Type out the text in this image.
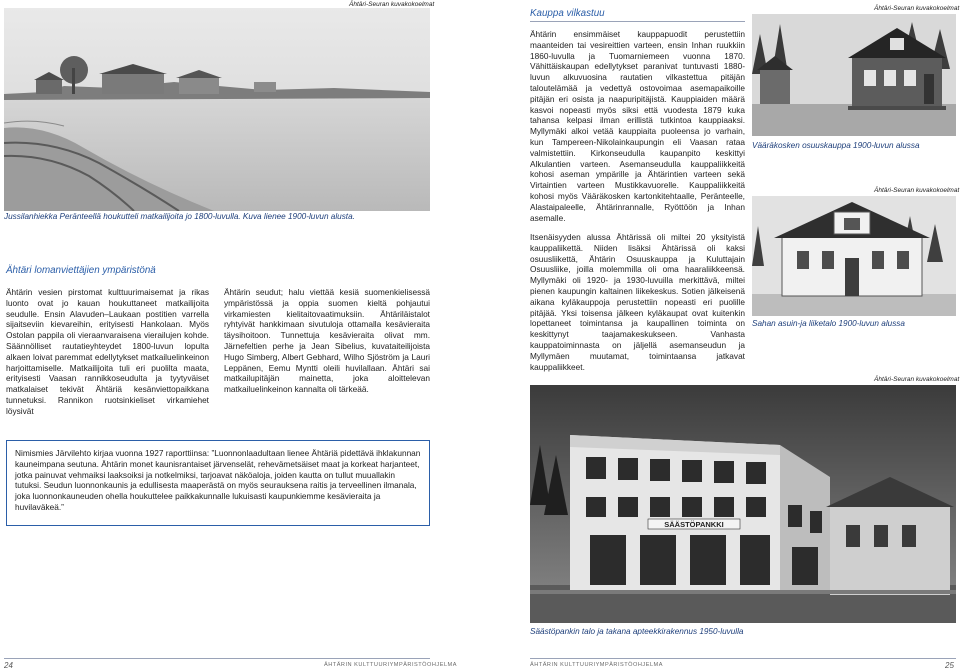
Ähtäri-Seuran kuvakokoelmat
Jussilanhiekka Peränteellä houkutteli matkailijoita jo 1800-luvulla. Kuva lienee 1900-luvun alusta.
Ähtäri lomanviettäjien ympäristönä
Ähtärin vesien pirstomat kulttuurimaisemat ja rikas luonto ovat jo kauan houkuttaneet matkailijoita seudulle. Ensin Alavuden–Laukaan postitien varrella sijaitseviin kievareihin, erityisesti Hankolaan. Myös Ostolan pappila oli vieraanvaraisena vierailujen kohde. Säännölliset rautatieyhteydet 1800-luvun lopulta alkaen loivat paremmat edellytykset matkailuelinkeinon harjoittamiselle. Matkailijoita tuli eri puolilta maata, erityisesti Vaasan rannikkoseudulta ja tyytyväiset matkalaiset tekivät Ähtäriä kesänviettopaikkana tunnetuksi. Rannikon ruotsinkieliset virkamiehet löysivät
Ähtärin seudut; halu viettää kesiä suomenkielisessä ympäristössä ja oppia suomen kieltä pohjautui virkamiesten kielitaitovaatimuksiin. Ähtäriläistalot ryhtyivät hankkimaan sivutuloja ottamalla kesävieraita täysihoitoon. Tunnettuja kesävieraita olivat mm. Järnefeltien perhe ja Jean Sibelius, kuvataiteilijoista Hugo Simberg, Albert Gebhard, Wilho Sjöström ja Lauri Leppänen, Eemu Myntti oleili huvilallaan. Ähtäri sai matkailupitäjän mainetta, joka aloittelevan matkailuelinkeinon kannalta oli tärkeää.

Nimismies Järvilehto kirjaa vuonna 1927 raporttiinsa: ”Luonnonlaadultaan lienee Ähtäriä pidettävä ihklakunnan kauneimpana seutuna. Ähtärin monet kaunisrantaiset järvenselät, rehevämetsäiset maat ja korkeat harjanteet, jotka painuvat vehmaiksi laaksoiksi ja notkelmiksi, tarjoavat näköaloja, joiden kautta on tullut muuallakin tutuksi. Seudun luonnonkaunis ja edullisesta maaperästä on myös seurauksena raitis ja terveellinen ilmanala, joka luonnonkauneuden ohella houkuttelee paikkakunnalle lukuisasti kaupunkiemme kesävieraita ja huvilaväkeä.”

24	ÄHTÄRIN KULTTUURIYMPÄRISTÖOHJELMA
Kauppa vilkastuu
Ähtärin ensimmäiset kauppapuodit perustettiin maanteiden tai vesireittien varteen, ensin Inhan ruukkiin 1860-luvulla ja Tuomarniemeen vuonna 1870. Vähittäiskaupan edellytykset paranivat tuntuvasti 1880-luvun alkuvuosina rautatien vilkastettua pitäjän taloutelämää ja vedettyä ostovoimaa asemapaikoille pitäjän eri osista ja naapuripitäjistä. Kauppiaiden määrä kasvoi nopeasti myös siksi että vuodesta 1879 kuka tahansa kelpasi ilman erillistä tutkintoa kauppiaaksi. Myllymäki alkoi vetää kauppiaita puoleensa jo varhain, kun Tampereen-Nikolainkaupungin eli Vaasan rataa valmistettiin. Kirkonseudulla kaupanpito keskittyi Alkulantien varteen. Asemanseudulla kauppaliikkeitä kohosi aseman ympärille ja Ähtärintien varteen sekä Virtaintien varteen Mustikkavuorelle. Kauppaliikkeitä kohosi myös Vääräkosken kartonkitehtaalle, Peränteelle, Alastaipaleelle, Ähtärinrannalle, Ryöttöön ja Inhan asemalle.
Itsenäisyyden alussa Ähtärissä oli miltei 20 yksityistä kauppaliikettä. Niiden lisäksi Ähtärissä oli kaksi osuusliikettä, Ähtärin Osuuskauppa ja Kuluttajain Osuusliike, joilla molemmilla oli oma haaraliikkeensä. Myllymäki oli 1920- ja 1930-luvuilla merkittävä, miltei pienen kaupungin kaltainen liikekeskus. Sotien jälkeisenä aikana kyläkauppoja perustettiin nopeasti eri puolille pitäjää. Yksi toisensa jälkeen kyläkaupat ovat kuitenkin lopettaneet toimintansa ja kaupallinen toiminta on keskittynyt taajamakeskukseen. Vanhasta kauppatoiminnasta on jäljellä asemanseudun ja Myllymäen muutamat, toimintaansa jatkavat kauppaliikkeet.
Ähtäri-Seuran kuvakokoelmat
Vääräkosken osuuskauppa 1900-luvun alussa
Ähtäri-Seuran kuvakokoelmat
Sahan asuin-ja liiketalo 1900-luvun alussa
Ähtäri-Seuran kuvakokoelmat
SÄÄSTÖPANKKI
Säästöpankin talo ja takana apteekkirakennus 1950-luvulla
ÄHTÄRIN KULTTUURIYMPÄRISTÖOHJELMA	25
